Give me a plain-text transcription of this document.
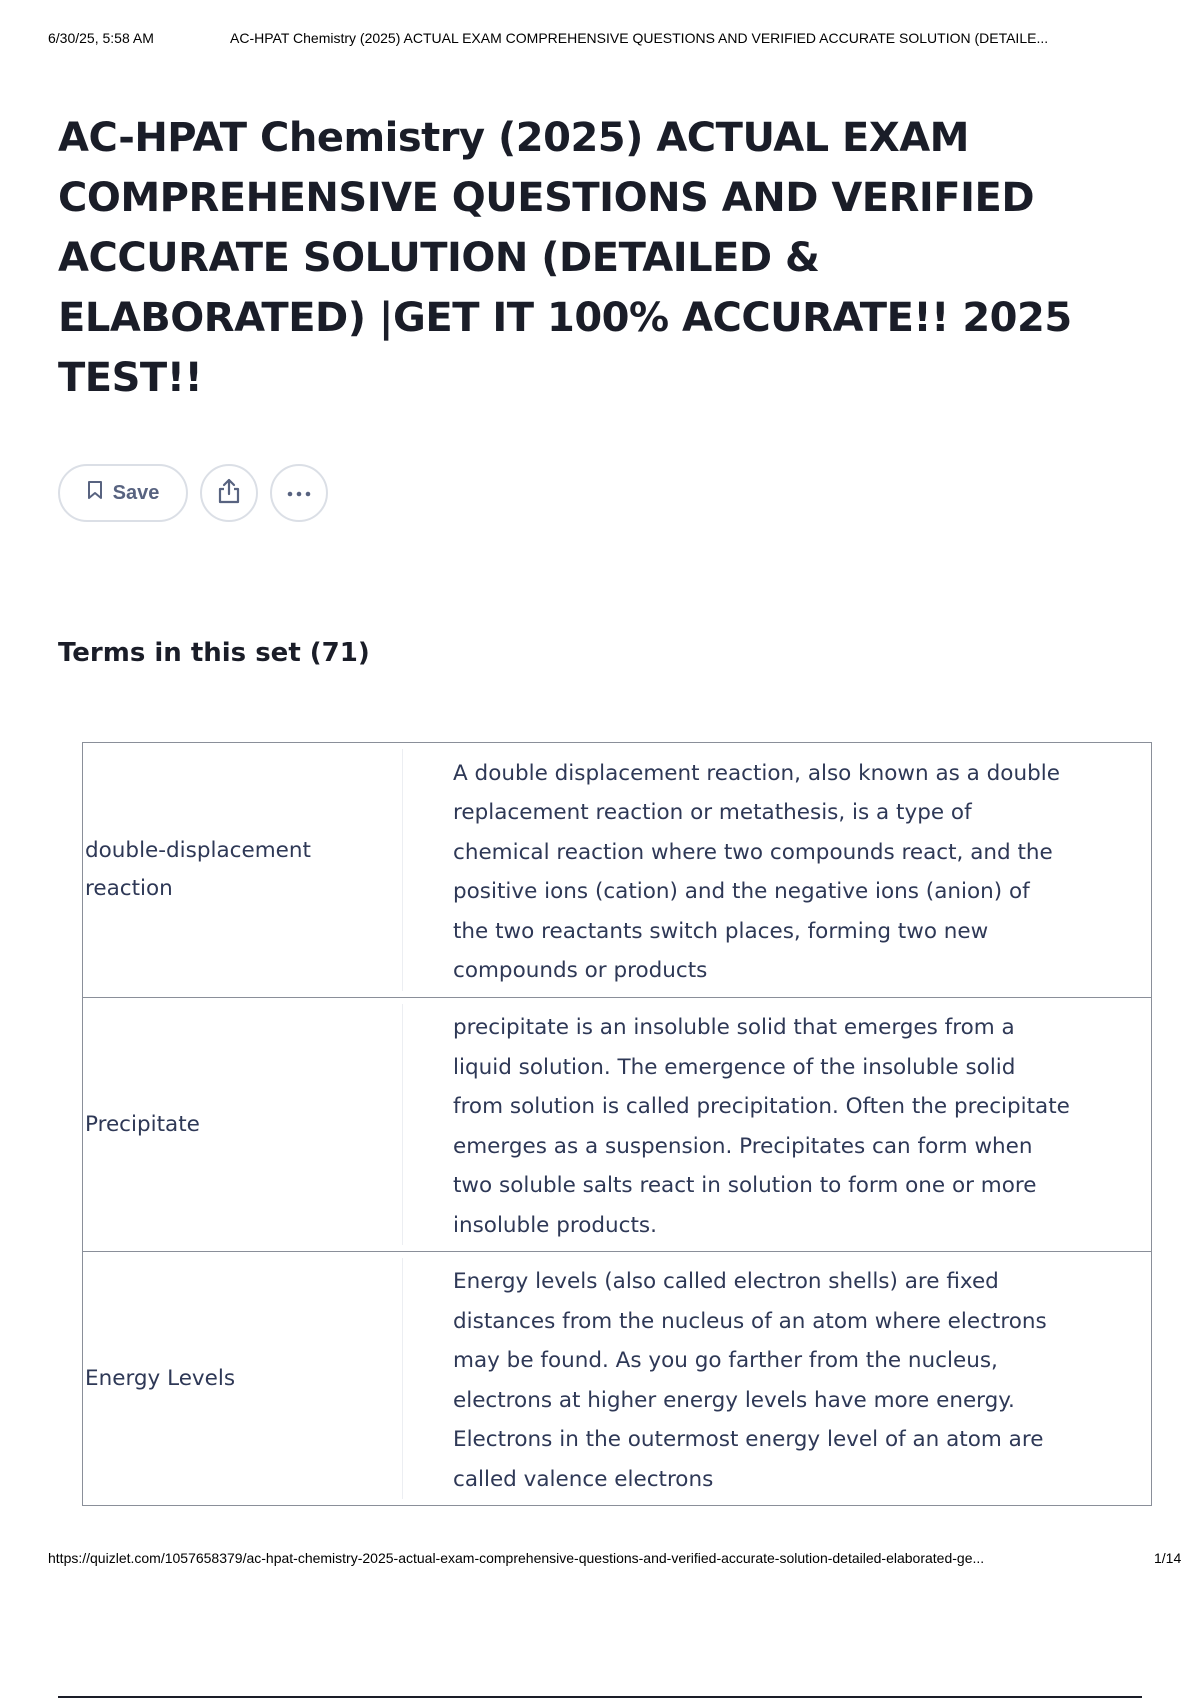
6/30/25, 5:58 AM	AC-HPAT Chemistry (2025) ACTUAL EXAM COMPREHENSIVE QUESTIONS AND VERIFIED ACCURATE SOLUTION (DETAILE...
AC-HPAT Chemistry (2025) ACTUAL EXAM COMPREHENSIVE QUESTIONS AND VERIFIED ACCURATE SOLUTION (DETAILED & ELABORATED) |GET IT 100% ACCURATE!! 2025 TEST!!
Save
Terms in this set (71)
double-displacement reaction
A double displacement reaction, also known as a double replacement reaction or metathesis, is a type of chemical reaction where two compounds react, and the positive ions (cation) and the negative ions (anion) of the two reactants switch places, forming two new compounds or products
Precipitate
precipitate is an insoluble solid that emerges from a liquid solution. The emergence of the insoluble solid from solution is called precipitation. Often the precipitate emerges as a suspension. Precipitates can form when two soluble salts react in solution to form one or more insoluble products.
Energy Levels
Energy levels (also called electron shells) are fixed distances from the nucleus of an atom where electrons may be found. As you go farther from the nucleus, electrons at higher energy levels have more energy. Electrons in the outermost energy level of an atom are called valence electrons
https://quizlet.com/1057658379/ac-hpat-chemistry-2025-actual-exam-comprehensive-questions-and-verified-accurate-solution-detailed-elaborated-ge...	1/14
